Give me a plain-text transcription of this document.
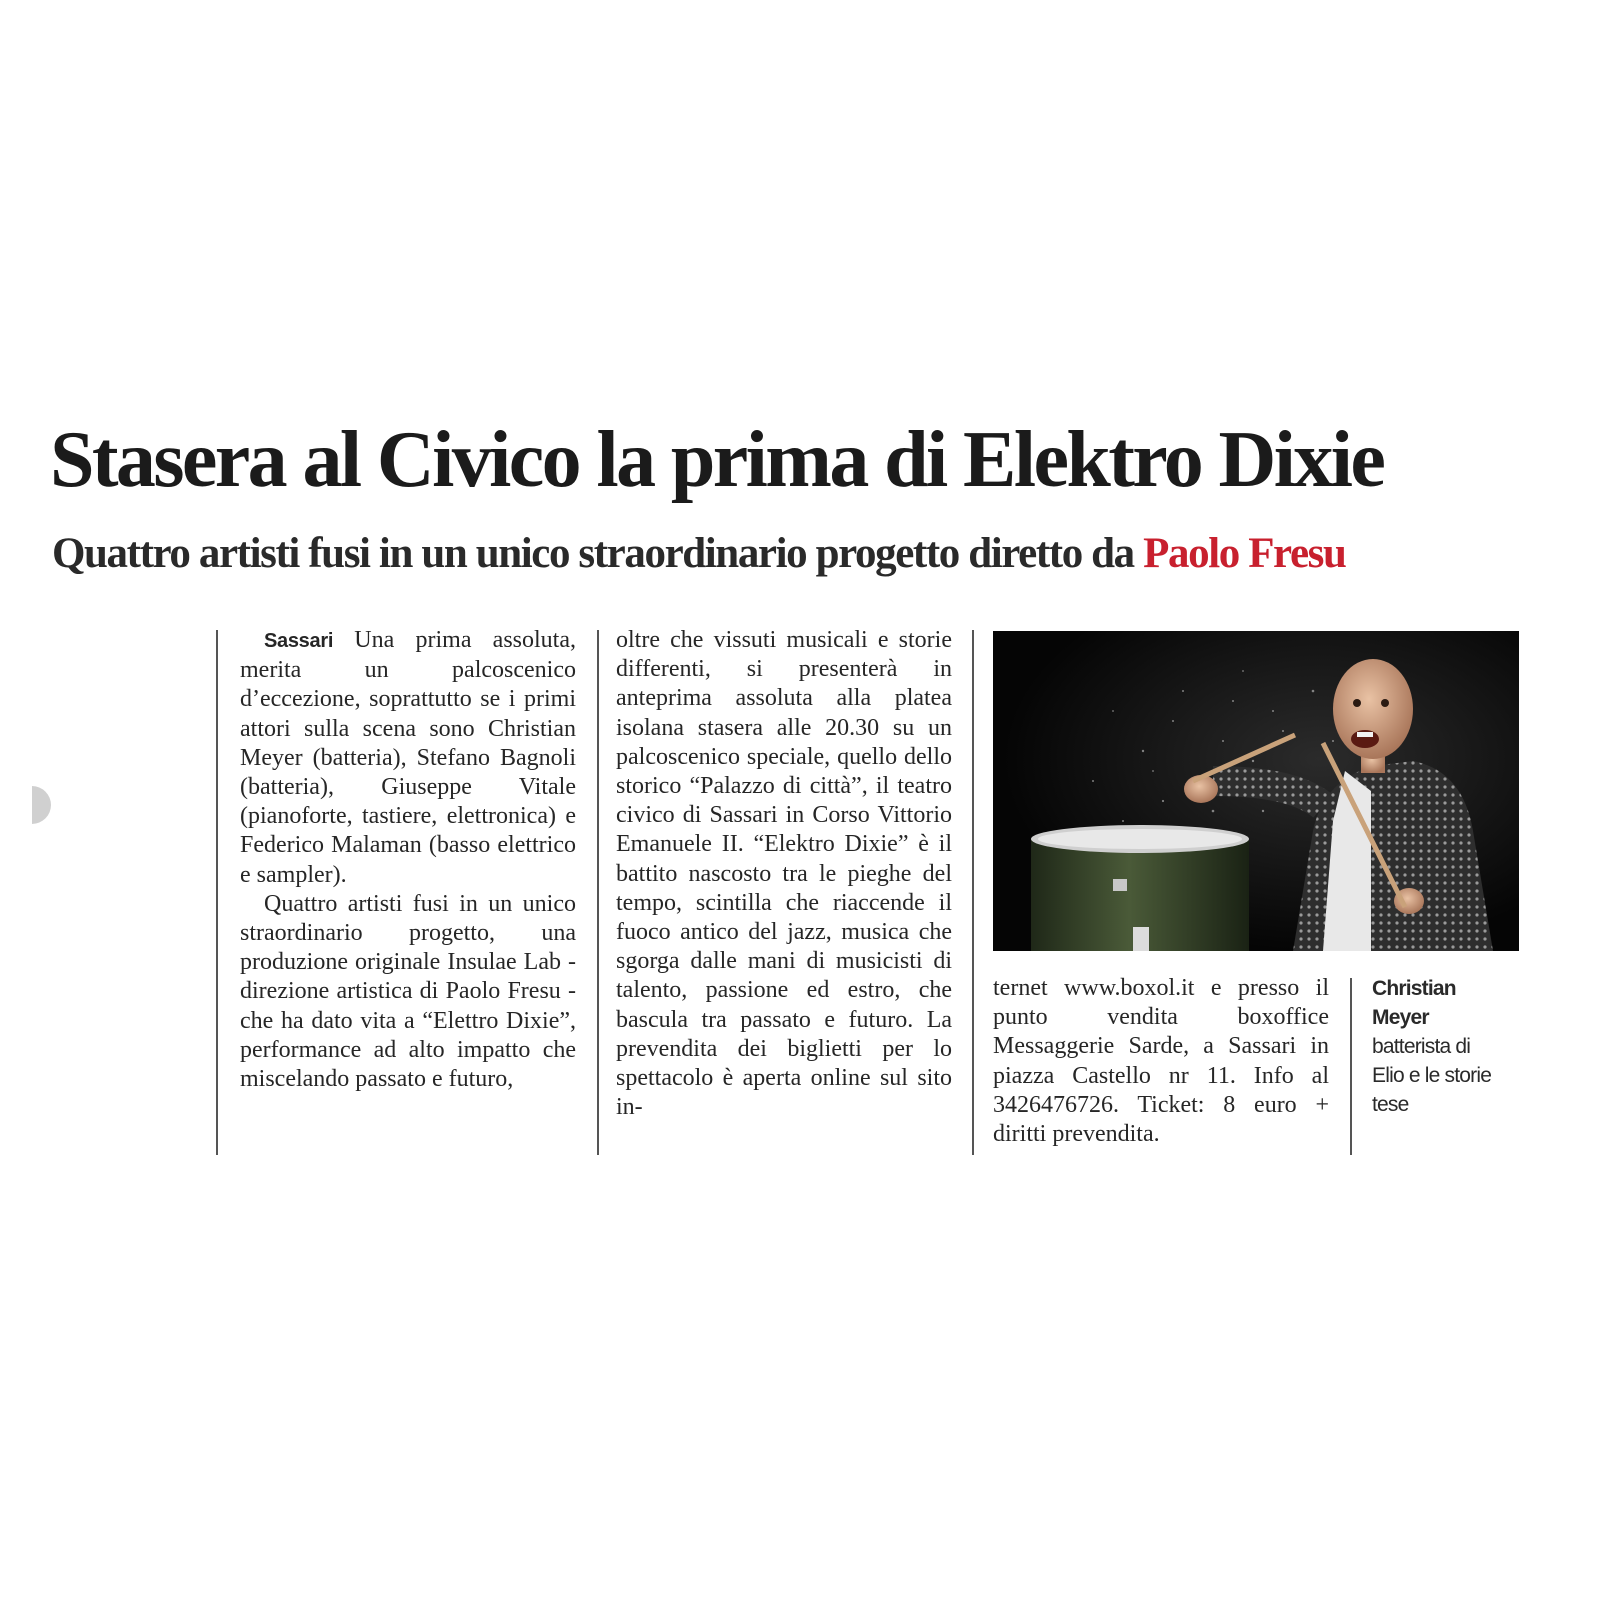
Stasera al Civico la prima di Elektro Dixie
Quattro artisti fusi in un unico straordinario progetto diretto da Paolo Fresu

Sassari Una prima assoluta, merita un palcoscenico d’eccezione, soprattutto se i primi attori sulla scena sono Christian Meyer (batteria), Stefano Bagnoli (batteria), Giuseppe Vitale (pianoforte, tastiere, elettronica) e Federico Malaman (basso elettrico e sampler).

Quattro artisti fusi in un unico straordinario progetto, una produzione originale Insulae Lab - direzione artistica di Paolo Fresu - che ha dato vita a “Elettro Dixie”, performance ad alto impatto che miscelando passato e futuro,

oltre che vissuti musicali e storie differenti, si presenterà in anteprima assoluta alla platea isolana stasera alle 20.30 su un palcoscenico speciale, quello dello storico “Palazzo di città”, il teatro civico di Sassari in Corso Vittorio Emanuele II. “Elektro Dixie” è il battito nascosto tra le pieghe del tempo, scintilla che riaccende il fuoco antico del jazz, musica che sgorga dalle mani di musicisti di talento, passione ed estro, che bascula tra passato e futuro. La prevendita dei biglietti per lo spettacolo è aperta online sul sito in-

ternet www.boxol.it e presso il punto vendita boxoffice Messaggerie Sarde, a Sassari in piazza Castello nr 11. Info al 3426476726. Ticket: 8 euro + diritti prevendita.

Christian Meyer
batterista di Elio e le storie tese
